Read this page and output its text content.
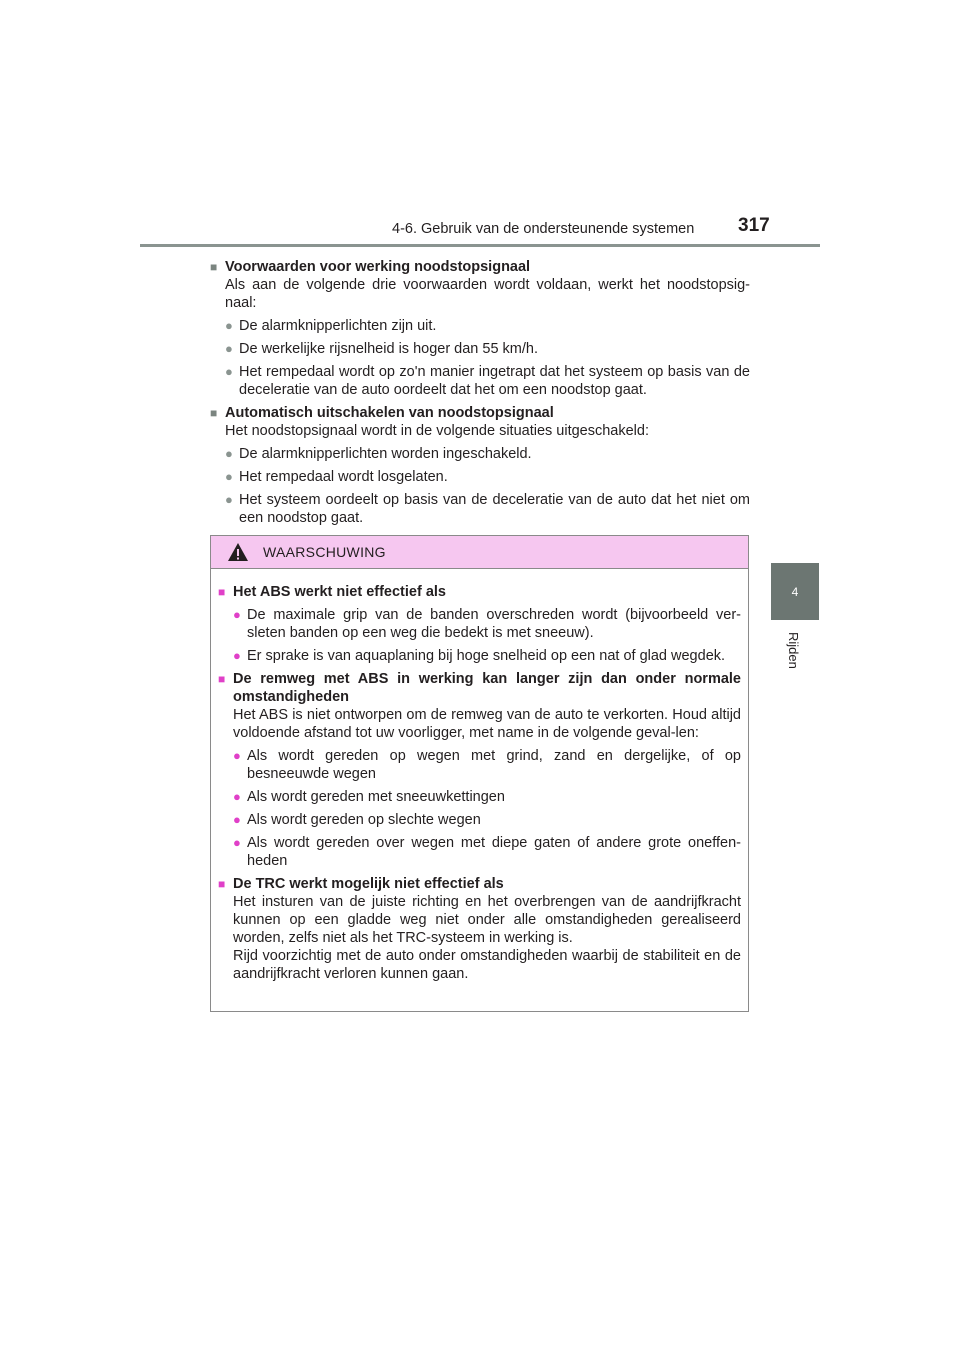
4-6. Gebruik van de ondersteunende systemen 317
4
Rijden
■ Voorwaarden voor werking noodstopsignaal
Als aan de volgende drie voorwaarden wordt voldaan, werkt het noodstopsig-naal:
● De alarmknipperlichten zijn uit.
● De werkelijke rijsnelheid is hoger dan 55 km/h.
● Het rempedaal wordt op zo'n manier ingetrapt dat het systeem op basis van de deceleratie van de auto oordeelt dat het om een noodstop gaat.
■ Automatisch uitschakelen van noodstopsignaal
Het noodstopsignaal wordt in de volgende situaties uitgeschakeld:
● De alarmknipperlichten worden ingeschakeld.
● Het rempedaal wordt losgelaten.
● Het systeem oordeelt op basis van de deceleratie van de auto dat het niet om een noodstop gaat.
WAARSCHUWING
■ Het ABS werkt niet effectief als
● De maximale grip van de banden overschreden wordt (bijvoorbeeld ver-sleten banden op een weg die bedekt is met sneeuw).
● Er sprake is van aquaplaning bij hoge snelheid op een nat of glad wegdek.
■ De remweg met ABS in werking kan langer zijn dan onder normale omstandigheden
Het ABS is niet ontworpen om de remweg van de auto te verkorten. Houd altijd voldoende afstand tot uw voorligger, met name in de volgende geval-len:
● Als wordt gereden op wegen met grind, zand en dergelijke, of op besneeuwde wegen
● Als wordt gereden met sneeuwkettingen
● Als wordt gereden op slechte wegen
● Als wordt gereden over wegen met diepe gaten of andere grote oneffen-heden
■ De TRC werkt mogelijk niet effectief als
Het insturen van de juiste richting en het overbrengen van de aandrijfkracht kunnen op een gladde weg niet onder alle omstandigheden gerealiseerd worden, zelfs niet als het TRC-systeem in werking is.
Rijd voorzichtig met de auto onder omstandigheden waarbij de stabiliteit en de aandrijfkracht verloren kunnen gaan.
